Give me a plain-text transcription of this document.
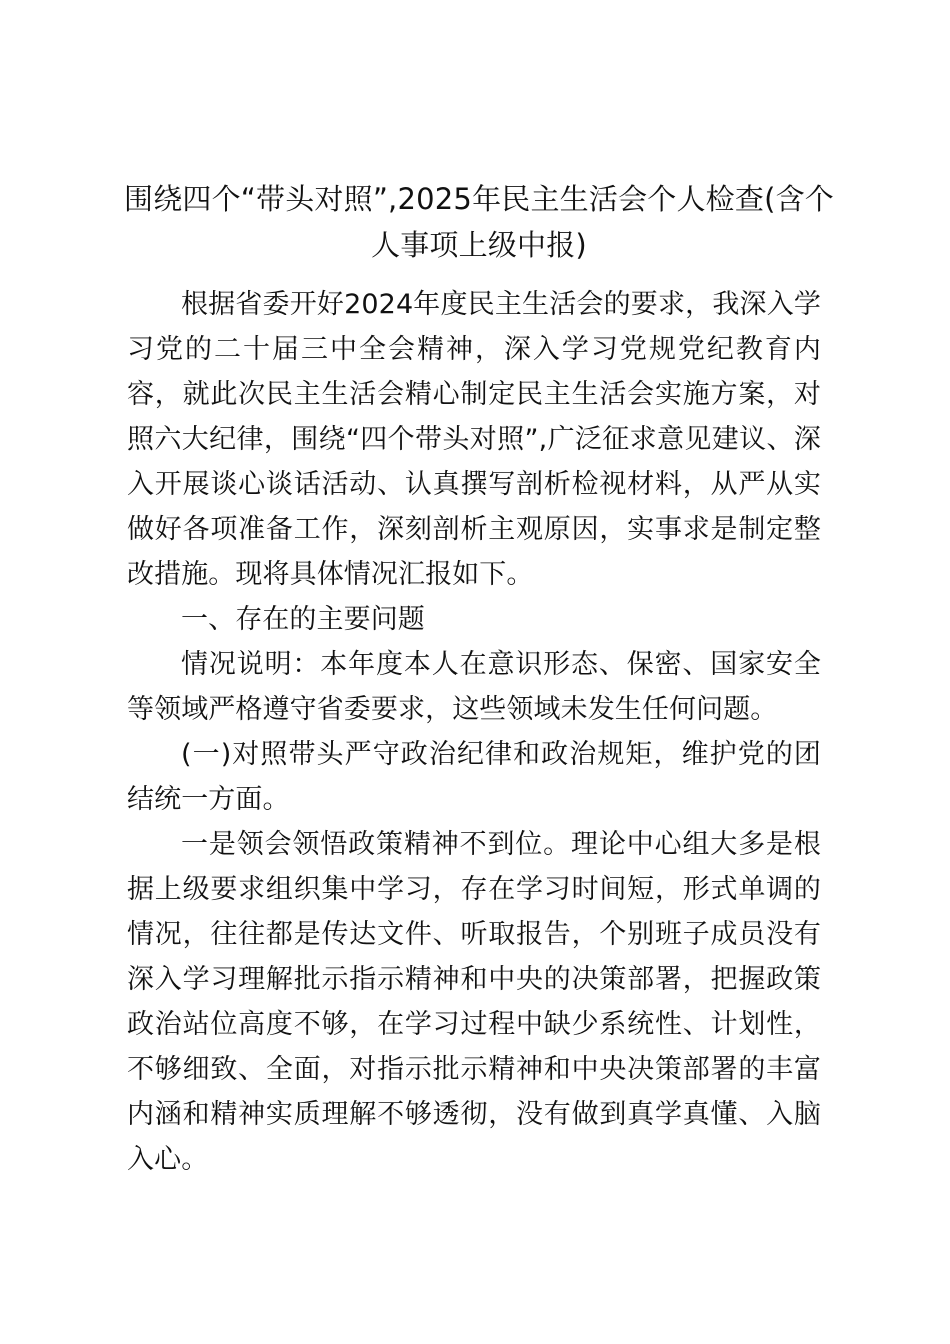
围绕四个“带头对照”,2025年民主生活会个人检查(含个人事项上级中报)

根据省委开好2024年度民主生活会的要求，我深入学习党的二十届三中全会精神，深入学习党规党纪教育内容，就此次民主生活会精心制定民主生活会实施方案，对照六大纪律，围绕“四个带头对照”,广泛征求意见建议、深入开展谈心谈话活动、认真撰写剖析检视材料，从严从实做好各项准备工作，深刻剖析主观原因，实事求是制定整改措施。现将具体情况汇报如下。

一、存在的主要问题

情况说明：本年度本人在意识形态、保密、国家安全等领域严格遵守省委要求，这些领域未发生任何问题。

(一)对照带头严守政治纪律和政治规矩，维护党的团结统一方面。

一是领会领悟政策精神不到位。理论中心组大多是根据上级要求组织集中学习，存在学习时间短，形式单调的情况，往往都是传达文件、听取报告，个别班子成员没有深入学习理解批示指示精神和中央的决策部署，把握政策政治站位高度不够，在学习过程中缺少系统性、计划性，不够细致、全面，对指示批示精神和中央决策部署的丰富内涵和精神实质理解不够透彻，没有做到真学真懂、入脑入心。
